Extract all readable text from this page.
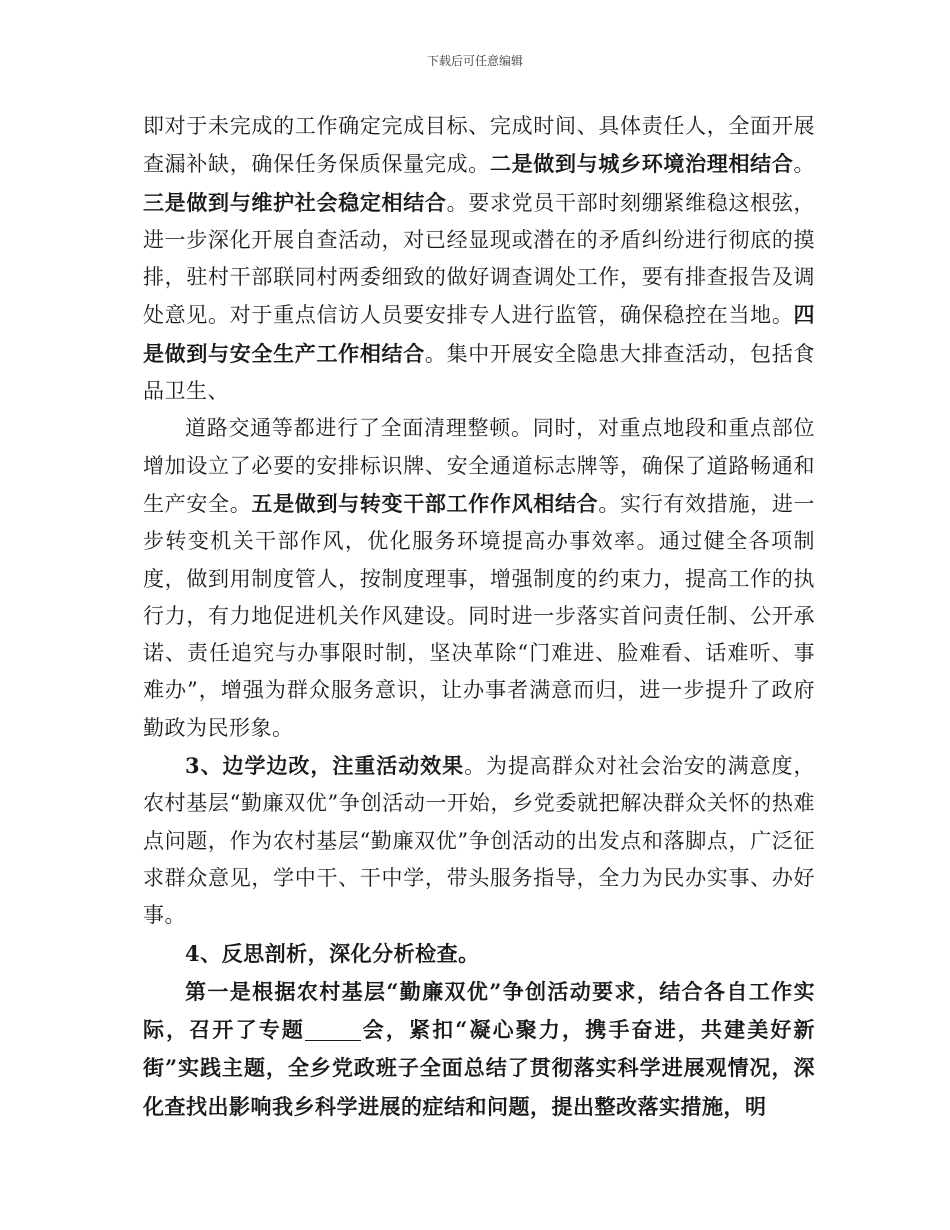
下载后可任意编辑

即对于未完成的工作确定完成目标、完成时间、具体责任人，全面开展查漏补缺，确保任务保质保量完成。二是做到与城乡环境治理相结合。三是做到与维护社会稳定相结合。要求党员干部时刻绷紧维稳这根弦，进一步深化开展自查活动，对已经显现或潜在的矛盾纠纷进行彻底的摸排，驻村干部联同村两委细致的做好调查调处工作，要有排查报告及调处意见。对于重点信访人员要安排专人进行监管，确保稳控在当地。四是做到与安全生产工作相结合。集中开展安全隐患大排查活动，包括食品卫生、

道路交通等都进行了全面清理整顿。同时，对重点地段和重点部位增加设立了必要的安排标识牌、安全通道标志牌等，确保了道路畅通和生产安全。五是做到与转变干部工作作风相结合。实行有效措施，进一步转变机关干部作风，优化服务环境提高办事效率。通过健全各项制度，做到用制度管人，按制度理事，增强制度的约束力，提高工作的执行力，有力地促进机关作风建设。同时进一步落实首问责任制、公开承诺、责任追究与办事限时制，坚决革除“门难进、脸难看、话难听、事难办”，增强为群众服务意识，让办事者满意而归，进一步提升了政府勤政为民形象。

3、边学边改，注重活动效果。为提高群众对社会治安的满意度，农村基层“勤廉双优”争创活动一开始，乡党委就把解决群众关怀的热难点问题，作为农村基层“勤廉双优”争创活动的出发点和落脚点，广泛征求群众意见，学中干、干中学，带头服务指导，全力为民办实事、办好事。

4、反思剖析，深化分析检查。

第一是根据农村基层“勤廉双优”争创活动要求，结合各自工作实际，召开了专题	会，紧扣“凝心聚力，携手奋进，共建美好新街”实践主题，全乡党政班子全面总结了贯彻落实科学进展观情况，深化查找出影响我乡科学进展的症结和问题，提出整改落实措施，明
